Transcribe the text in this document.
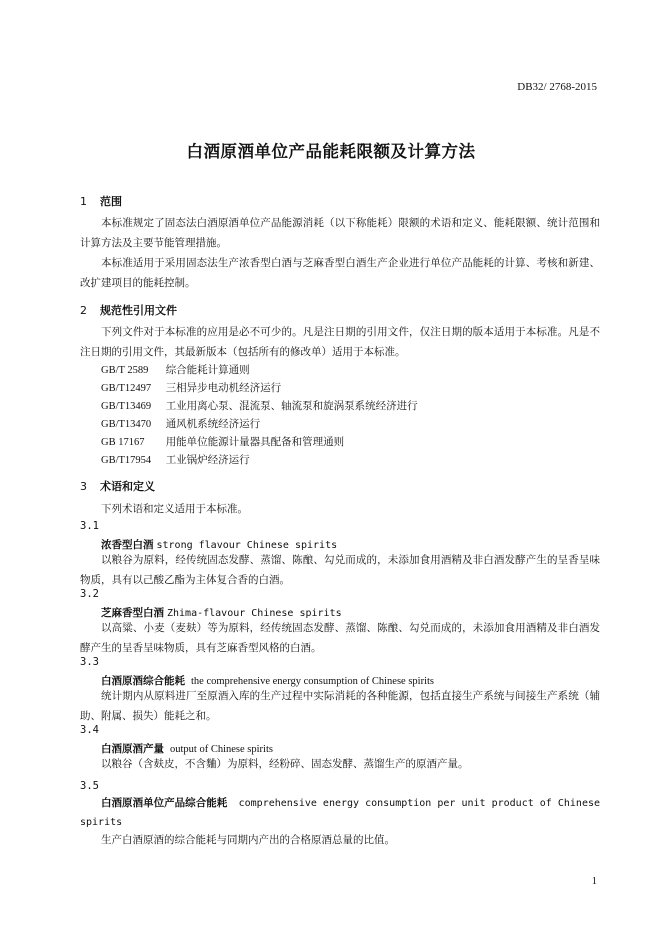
DB32/ 2768-2015
白酒原酒单位产品能耗限额及计算方法
1 范围
本标准规定了固态法白酒原酒单位产品能源消耗（以下称能耗）限额的术语和定义、能耗限额、统计范围和计算方法及主要节能管理措施。
本标准适用于采用固态法生产浓香型白酒与芝麻香型白酒生产企业进行单位产品能耗的计算、考核和新建、改扩建项目的能耗控制。
2 规范性引用文件
下列文件对于本标准的应用是必不可少的。凡是注日期的引用文件，仅注日期的版本适用于本标准。凡是不注日期的引用文件，其最新版本（包括所有的修改单）适用于本标准。
GB/T 2589 综合能耗计算通则
GB/T12497 三相异步电动机经济运行
GB/T13469 工业用离心泵、混流泵、轴流泵和旋涡泵系统经济进行
GB/T13470 通风机系统经济运行
GB 17167 用能单位能源计量器具配备和管理通则
GB/T17954 工业锅炉经济运行
3 术语和定义
下列术语和定义适用于本标准。
3.1
浓香型白酒 strong flavour Chinese spirits
以粮谷为原料，经传统固态发酵、蒸馏、陈酿、勾兑而成的，未添加食用酒精及非白酒发酵产生的呈香呈味物质，具有以己酸乙酯为主体复合香的白酒。
3.2
芝麻香型白酒 Zhima-flavour Chinese spirits
以高粱、小麦（麦麸）等为原料，经传统固态发酵、蒸馏、陈酿、勾兑而成的，未添加食用酒精及非白酒发酵产生的呈香呈味物质，具有芝麻香型风格的白酒。
3.3
白酒原酒综合能耗 the comprehensive energy consumption of Chinese spirits
统计期内从原料进厂至原酒入库的生产过程中实际消耗的各种能源，包括直接生产系统与间接生产系统（辅助、附属、损失）能耗之和。
3.4
白酒原酒产量 output of Chinese spirits
以粮谷（含麸皮，不含麯）为原料，经粉碎、固态发酵、蒸馏生产的原酒产量。
3.5
白酒原酒单位产品综合能耗 comprehensive energy consumption per unit product of Chinese spirits
生产白酒原酒的综合能耗与同期内产出的合格原酒总量的比值。
1
